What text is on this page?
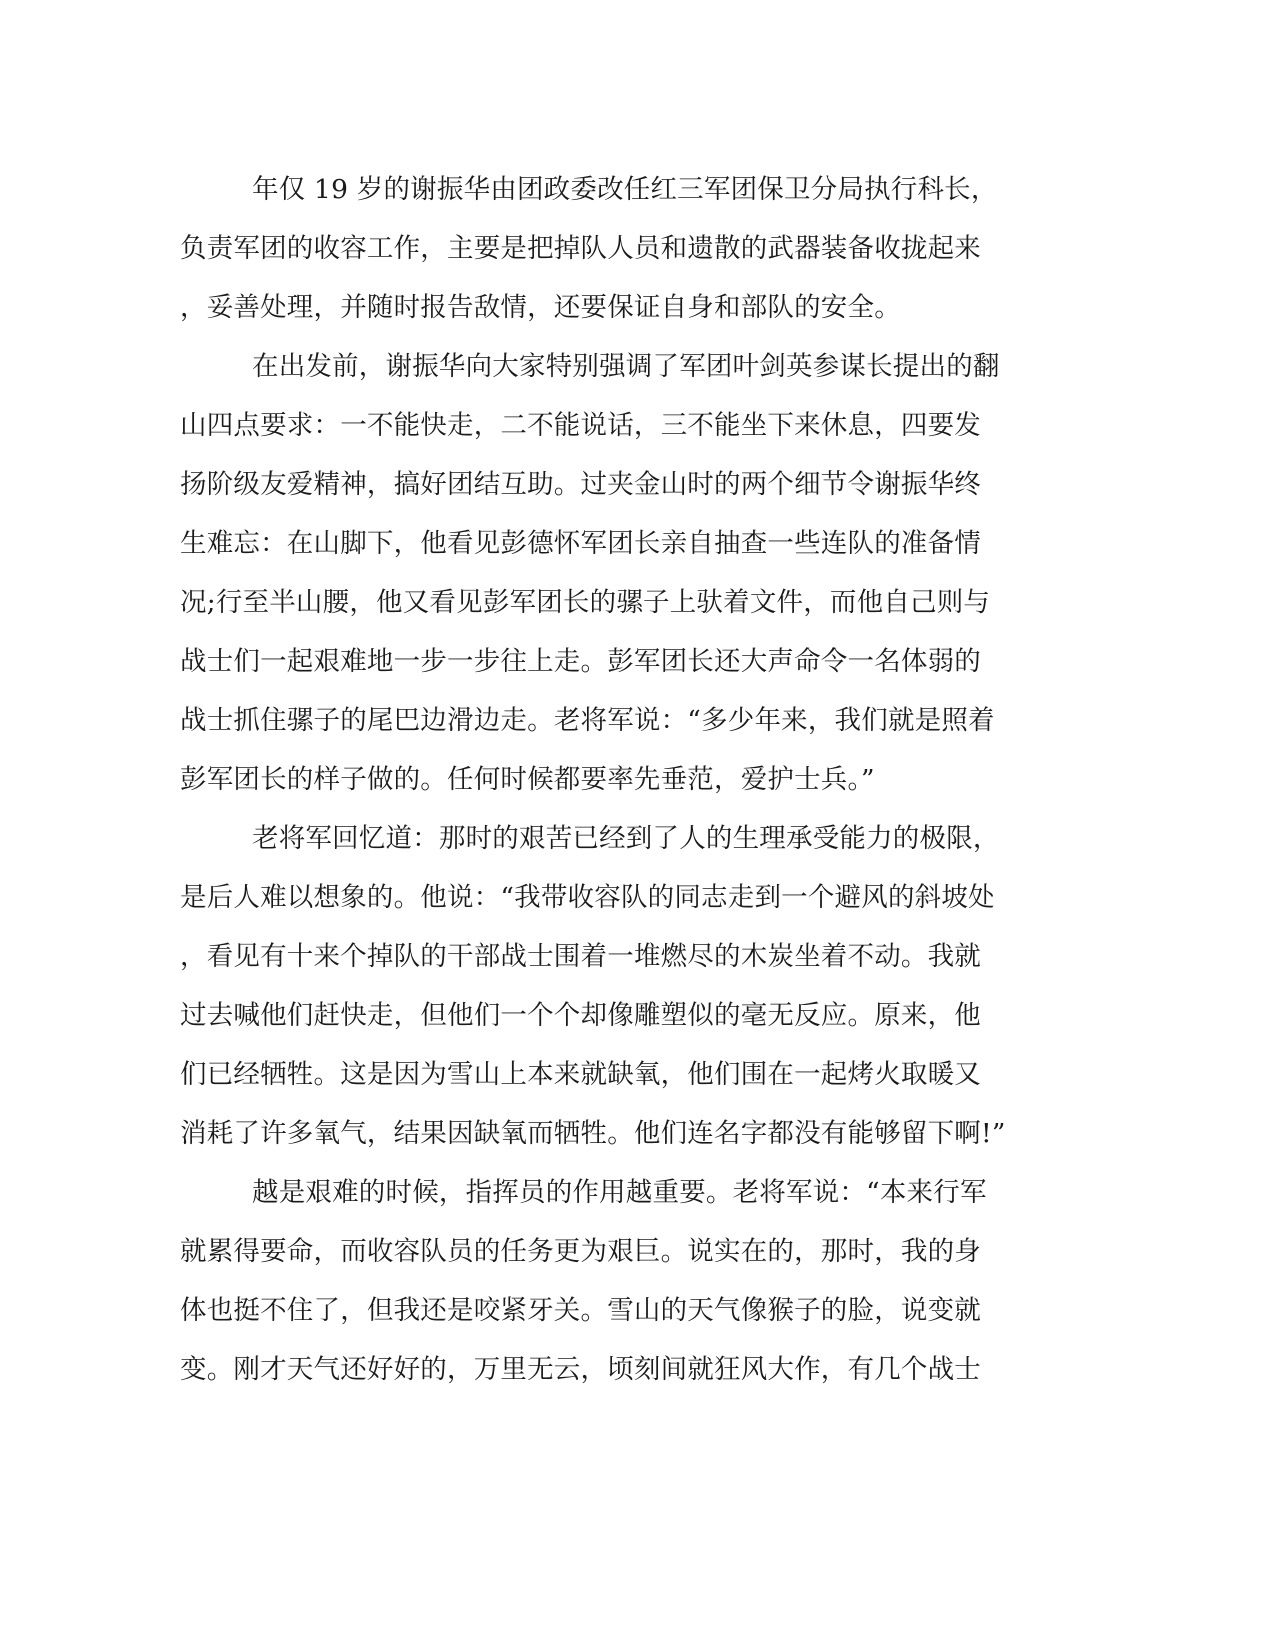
年仅 19 岁的谢振华由团政委改任红三军团保卫分局执行科长，
负责军团的收容工作，主要是把掉队人员和遗散的武器装备收拢起来
，妥善处理，并随时报告敌情，还要保证自身和部队的安全。
在出发前，谢振华向大家特别强调了军团叶剑英参谋长提出的翻
山四点要求：一不能快走，二不能说话，三不能坐下来休息，四要发
扬阶级友爱精神，搞好团结互助。过夹金山时的两个细节令谢振华终
生难忘：在山脚下，他看见彭德怀军团长亲自抽查一些连队的准备情
况;行至半山腰，他又看见彭军团长的骡子上驮着文件，而他自己则与
战士们一起艰难地一步一步往上走。彭军团长还大声命令一名体弱的
战士抓住骡子的尾巴边滑边走。老将军说：“多少年来，我们就是照着
彭军团长的样子做的。任何时候都要率先垂范，爱护士兵。”
老将军回忆道：那时的艰苦已经到了人的生理承受能力的极限，
是后人难以想象的。他说：“我带收容队的同志走到一个避风的斜坡处
，看见有十来个掉队的干部战士围着一堆燃尽的木炭坐着不动。我就
过去喊他们赶快走，但他们一个个却像雕塑似的毫无反应。原来，他
们已经牺牲。这是因为雪山上本来就缺氧，他们围在一起烤火取暖又
消耗了许多氧气，结果因缺氧而牺牲。他们连名字都没有能够留下啊!”
越是艰难的时候，指挥员的作用越重要。老将军说：“本来行军
就累得要命，而收容队员的任务更为艰巨。说实在的，那时，我的身
体也挺不住了，但我还是咬紧牙关。雪山的天气像猴子的脸，说变就
变。刚才天气还好好的，万里无云，顷刻间就狂风大作，有几个战士
